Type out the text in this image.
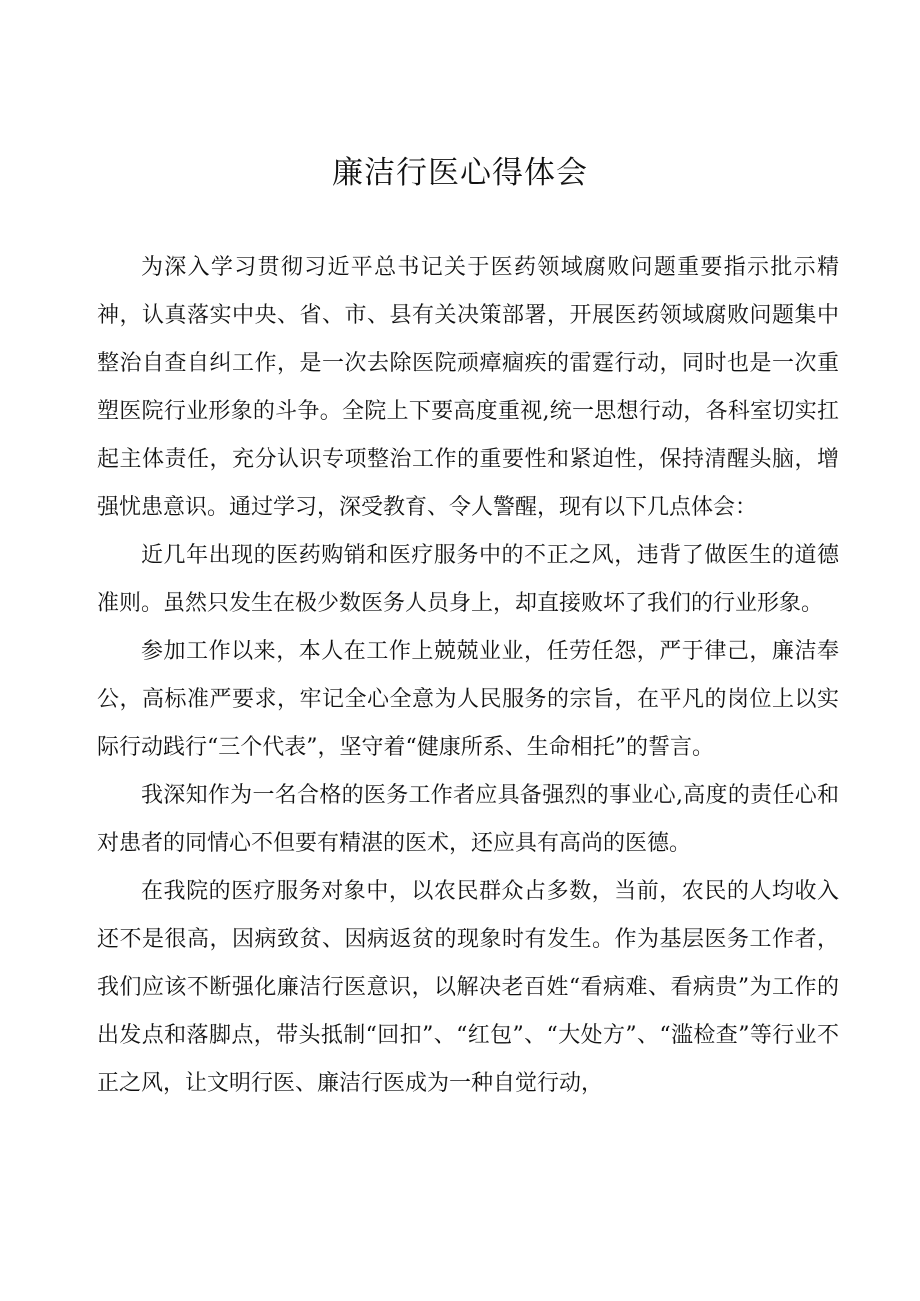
廉洁行医心得体会

为深入学习贯彻习近平总书记关于医药领域腐败问题重要指示批示精神，认真落实中央、省、市、县有关决策部署，开展医药领域腐败问题集中整治自查自纠工作，是一次去除医院顽瘴痼疾的雷霆行动，同时也是一次重塑医院行业形象的斗争。全院上下要高度重视,统一思想行动，各科室切实扛起主体责任，充分认识专项整治工作的重要性和紧迫性，保持清醒头脑，增强忧患意识。通过学习，深受教育、令人警醒，现有以下几点体会：

近几年出现的医药购销和医疗服务中的不正之风，违背了做医生的道德准则。虽然只发生在极少数医务人员身上，却直接败坏了我们的行业形象。

参加工作以来，本人在工作上兢兢业业，任劳任怨，严于律己，廉洁奉公，高标准严要求，牢记全心全意为人民服务的宗旨，在平凡的岗位上以实际行动践行“三个代表”，坚守着“健康所系、生命相托”的誓言。

我深知作为一名合格的医务工作者应具备强烈的事业心,高度的责任心和对患者的同情心不但要有精湛的医术，还应具有高尚的医德。

在我院的医疗服务对象中，以农民群众占多数，当前，农民的人均收入还不是很高，因病致贫、因病返贫的现象时有发生。作为基层医务工作者，我们应该不断强化廉洁行医意识，以解决老百姓“看病难、看病贵”为工作的出发点和落脚点，带头抵制“回扣”、“红包”、“大处方”、“滥检查”等行业不正之风，让文明行医、廉洁行医成为一种自觉行动，
